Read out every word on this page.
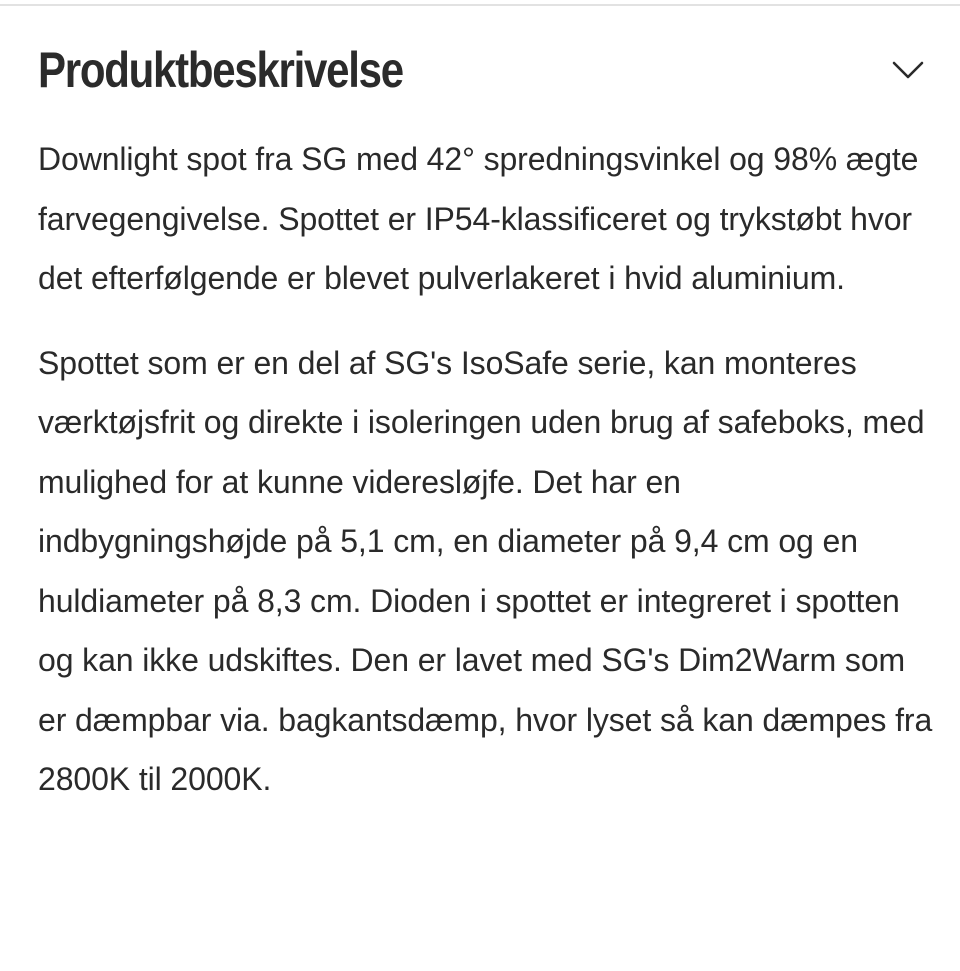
Produktbeskrivelse

Downlight spot fra SG med 42° spredningsvinkel og 98% ægte farvegengivelse. Spottet er IP54-klassificeret og trykstøbt hvor det efterfølgende er blevet pulverlakeret i hvid aluminium.

Spottet som er en del af SG's IsoSafe serie, kan monteres værktøjsfrit og direkte i isoleringen uden brug af safeboks, med mulighed for at kunne videresløjfe. Det har en indbygningshøjde på 5,1 cm, en diameter på 9,4 cm og en huldiameter på 8,3 cm. Dioden i spottet er integreret i spotten og kan ikke udskiftes. Den er lavet med SG's Dim2Warm som er dæmpbar via. bagkantsdæmp, hvor lyset så kan dæmpes fra 2800K til 2000K.
